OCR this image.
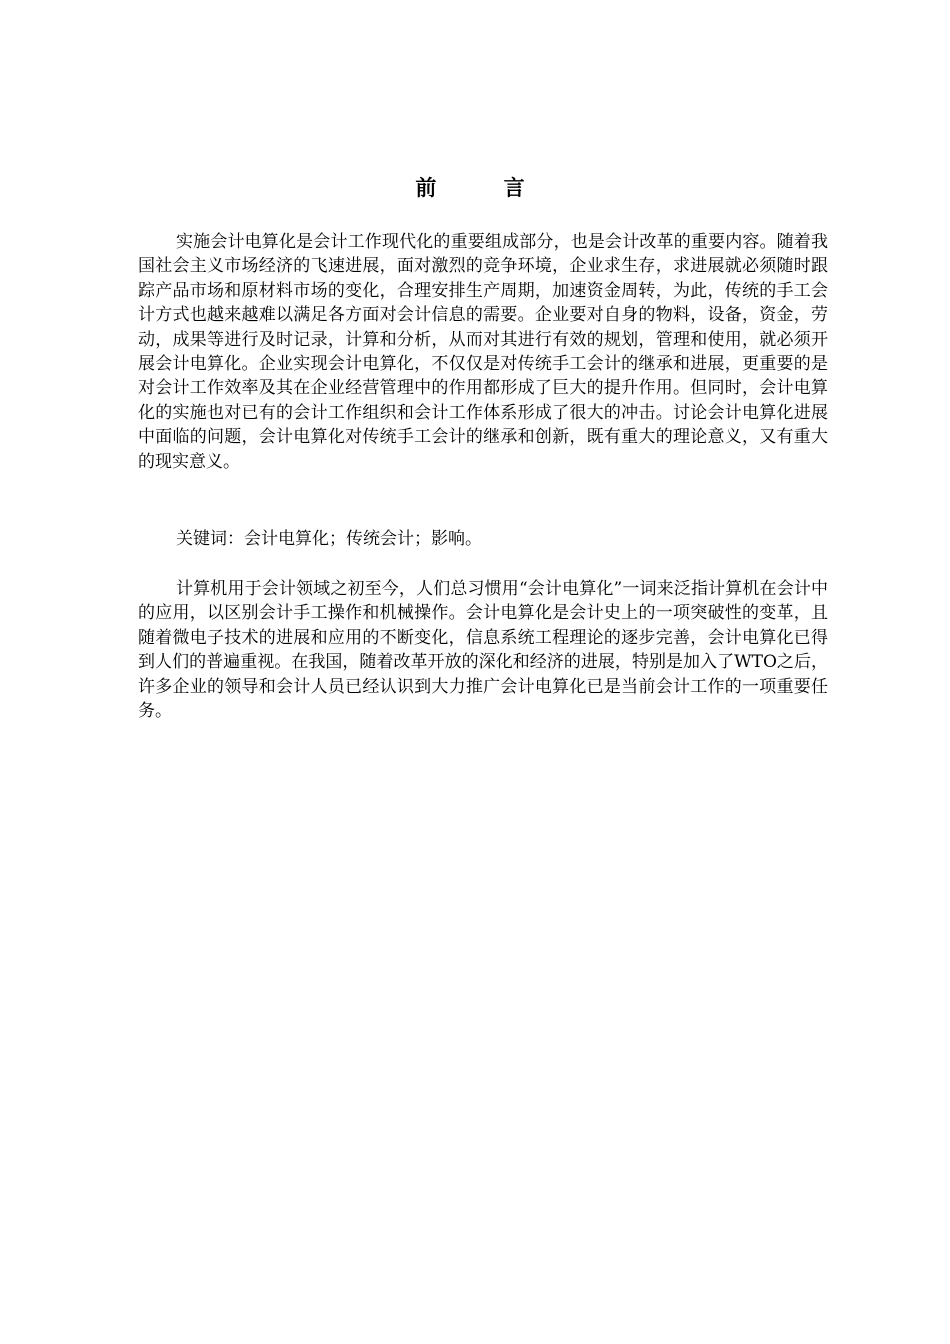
前 言

实施会计电算化是会计工作现代化的重要组成部分，也是会计改革的重要内容。随着我国社会主义市场经济的飞速进展，面对激烈的竞争环境，企业求生存，求进展就必须随时跟踪产品市场和原材料市场的变化，合理安排生产周期，加速资金周转，为此，传统的手工会计方式也越来越难以满足各方面对会计信息的需要。企业要对自身的物料，设备，资金，劳动，成果等进行及时记录，计算和分析，从而对其进行有效的规划，管理和使用，就必须开展会计电算化。企业实现会计电算化，不仅仅是对传统手工会计的继承和进展，更重要的是对会计工作效率及其在企业经营管理中的作用都形成了巨大的提升作用。但同时，会计电算化的实施也对已有的会计工作组织和会计工作体系形成了很大的冲击。讨论会计电算化进展中面临的问题，会计电算化对传统手工会计的继承和创新，既有重大的理论意义，又有重大的现实意义。

关键词：会计电算化；传统会计；影响。

计算机用于会计领域之初至今，人们总习惯用“会计电算化”一词来泛指计算机在会计中的应用，以区别会计手工操作和机械操作。会计电算化是会计史上的一项突破性的变革，且随着微电子技术的进展和应用的不断变化，信息系统工程理论的逐步完善，会计电算化已得到人们的普遍重视。在我国，随着改革开放的深化和经济的进展，特别是加入了WTO之后，许多企业的领导和会计人员已经认识到大力推广会计电算化已是当前会计工作的一项重要任务。
